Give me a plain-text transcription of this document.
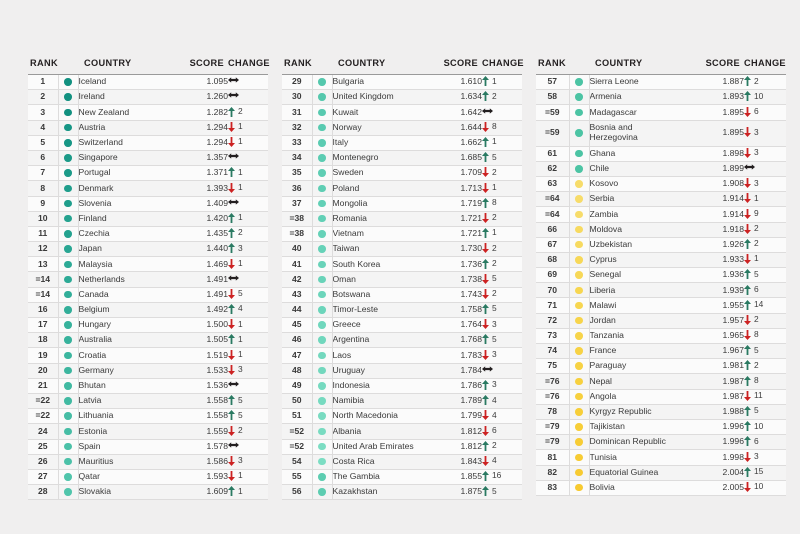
RANK		COUNTRY	SCORE	CHANGE
1		Iceland	1.095	

2		Ireland	1.260	

3		New Zealand	1.282	2

4		Austria	1.294	1

5		Switzerland	1.294	1

6		Singapore	1.357	

7		Portugal	1.371	1

8		Denmark	1.393	1

9		Slovenia	1.409	

10		Finland	1.420	1

11		Czechia	1.435	2

12		Japan	1.440	3

13		Malaysia	1.469	1

=14		Netherlands	1.491	

=14		Canada	1.491	5

16		Belgium	1.492	4

17		Hungary	1.500	1

18		Australia	1.505	1

19		Croatia	1.519	1

20		Germany	1.533	3

21		Bhutan	1.536	

=22		Latvia	1.558	5

=22		Lithuania	1.558	5

24		Estonia	1.559	2

25		Spain	1.578	

26		Mauritius	1.586	3

27		Qatar	1.593	1

28		Slovakia	1.609	1
RANK		COUNTRY	SCORE	CHANGE
29		Bulgaria	1.610	1

30		United Kingdom	1.634	2

31		Kuwait	1.642	

32		Norway	1.644	8

33		Italy	1.662	1

34		Montenegro	1.685	5

35		Sweden	1.709	2

36		Poland	1.713	1

37		Mongolia	1.719	8

=38		Romania	1.721	2

=38		Vietnam	1.721	1

40		Taiwan	1.730	2

41		South Korea	1.736	2

42		Oman	1.738	5

43		Botswana	1.743	2

44		Timor-Leste	1.758	5

45		Greece	1.764	3

46		Argentina	1.768	5

47		Laos	1.783	3

48		Uruguay	1.784	

49		Indonesia	1.786	3

50		Namibia	1.789	4

51		North Macedonia	1.799	4

=52		Albania	1.812	6

=52		United Arab Emirates	1.812	2

54		Costa Rica	1.843	4

55		The Gambia	1.855	16

56		Kazakhstan	1.875	5
RANK		COUNTRY	SCORE	CHANGE
57		Sierra Leone	1.887	2

58		Armenia	1.893	10

=59		Madagascar	1.895	6

=59		Bosnia and
Herzegovina	1.895	3

61		Ghana	1.898	3

62		Chile	1.899	

63		Kosovo	1.908	3

=64		Serbia	1.914	1

=64		Zambia	1.914	9

66		Moldova	1.918	2

67		Uzbekistan	1.926	2

68		Cyprus	1.933	1

69		Senegal	1.936	5

70		Liberia	1.939	6

71		Malawi	1.955	14

72		Jordan	1.957	2

73		Tanzania	1.965	8

74		France	1.967	5

75		Paraguay	1.981	2

=76		Nepal	1.987	8

=76		Angola	1.987	11

78		Kyrgyz Republic	1.988	5

=79		Tajikistan	1.996	10

=79		Dominican Republic	1.996	6

81		Tunisia	1.998	3

82		Equatorial Guinea	2.004	15

83		Bolivia	2.005	10
